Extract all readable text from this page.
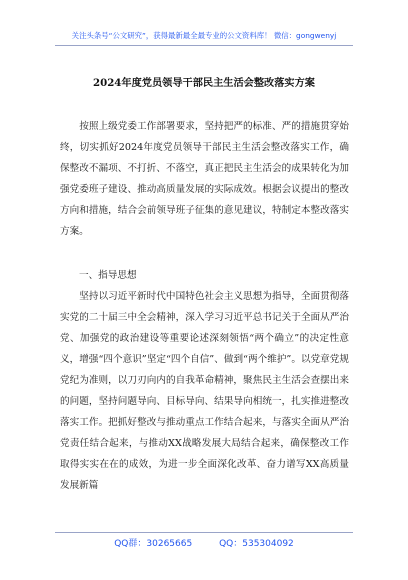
关注头条号“公文研究”，获得最新最全最专业的公文资料库！ 微信：gongwenyj
2024年度党员领导干部民主生活会整改落实方案

按照上级党委工作部署要求，坚持把严的标准、严的措施贯穿始终，切实抓好2024年度党员领导干部民主生活会整改落实工作，确保整改不漏项、不打折、不落空，真正把民主生活会的成果转化为加强党委班子建设、推动高质量发展的实际成效。根据会议提出的整改方向和措施，结合会前领导班子征集的意见建议，特制定本整改落实方案。

一、指导思想

坚持以习近平新时代中国特色社会主义思想为指导，全面贯彻落实党的二十届三中全会精神，深入学习习近平总书记关于全面从严治党、加强党的政治建设等重要论述深刻领悟“两个确立”的决定性意义，增强“四个意识”坚定“四个自信”、做到“两个维护”。以党章党规党纪为准则，以刀刃向内的自我革命精神，聚焦民主生活会查摆出来的问题，坚持问题导向、目标导向、结果导向相统一，扎实推进整改落实工作。把抓好整改与推动重点工作结合起来，与落实全面从严治党责任结合起来，与推动XX战略发展大局结合起来，确保整改工作取得实实在在的成效，为进一步全面深化改革、奋力谱写XX高质量发展新篇

QQ群：30265665	QQ：535304092
